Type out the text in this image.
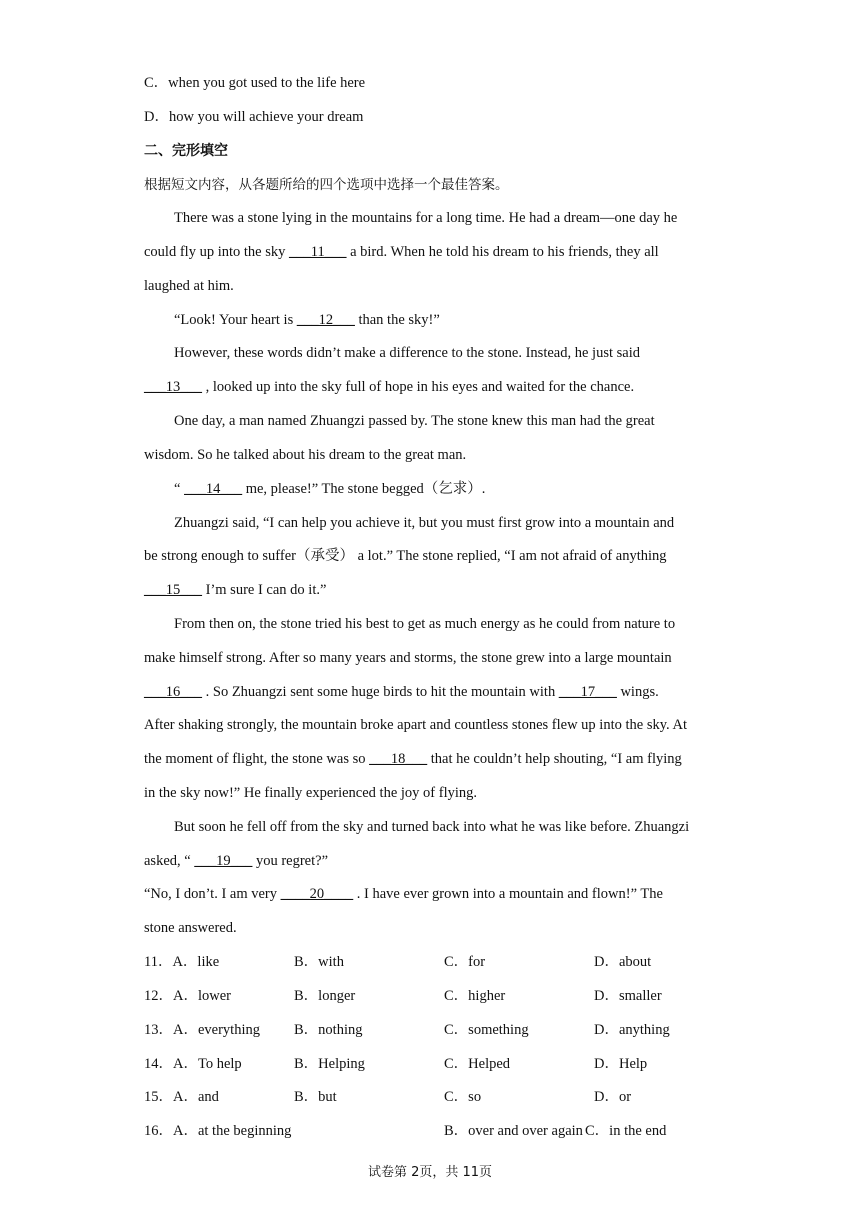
C．when you got used to the life here
D．how you will achieve your dream
二、完形填空
根据短文内容，从各题所给的四个选项中选择一个最佳答案。
There was a stone lying in the mountains for a long time. He had a dream—one day he
could fly up into the sky ___11___ a bird. When he told his dream to his friends, they all
laughed at him.
“Look! Your heart is ___12___ than the sky!”
However, these words didn’t make a difference to the stone. Instead, he just said
___13___ , looked up into the sky full of hope in his eyes and waited for the chance.
One day, a man named Zhuangzi passed by. The stone knew this man had the great
wisdom. So he talked about his dream to the great man.
“ ___14___ me, please!” The stone begged（乞求）.
Zhuangzi said, “I can help you achieve it, but you must first grow into a mountain and
be strong enough to suffer（承受） a lot.” The stone replied, “I am not afraid of anything
___15___ I’m sure I can do it.”
From then on, the stone tried his best to get as much energy as he could from nature to
make himself strong. After so many years and storms, the stone grew into a large mountain
___16___ . So Zhuangzi sent some huge birds to hit the mountain with ___17___ wings.
After shaking strongly, the mountain broke apart and countless stones flew up into the sky. At
the moment of flight, the stone was so ___18___ that he couldn’t help shouting, “I am flying
in the sky now!” He finally experienced the joy of flying.
But soon he fell off from the sky and turned back into what he was like before. Zhuangzi
asked, “ ___19___ you regret?”
“No, I don’t. I am very ____20____ . I have ever grown into a mountain and flown!” The
stone answered.
11．A．like	B．with	C．for	D．about
12．A．lower	B．longer	C．higher	D．smaller
13．A．everything B．nothing	C．something	D．anything
14．A．To help	B．Helping	C．Helped	D．Help
15．A．and	B．but	C．so	D．or
16．A．at the beginning	B．over and over again C．in the end
试卷第 2页，共 11页
